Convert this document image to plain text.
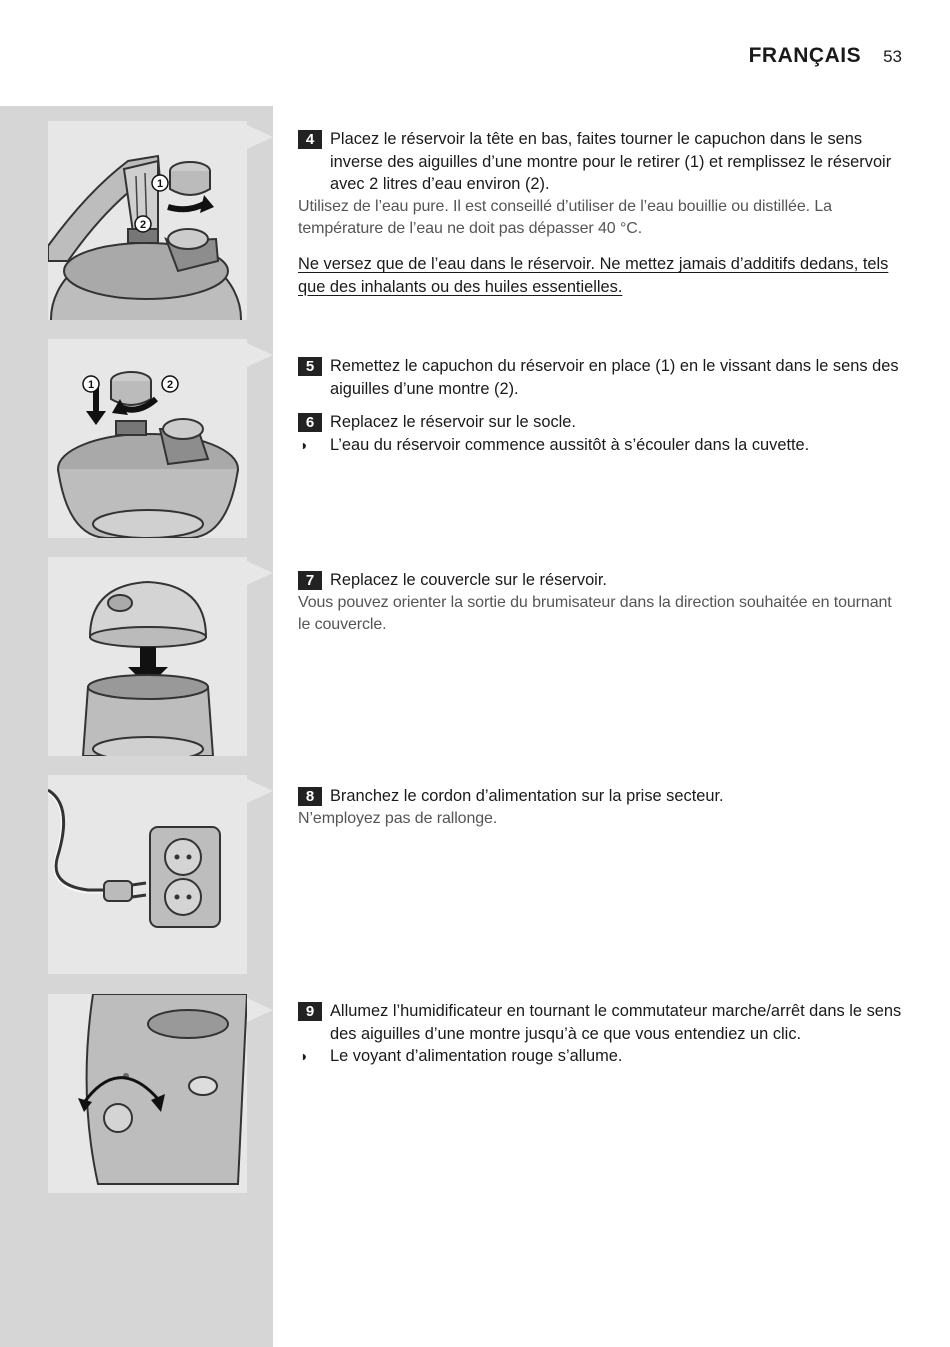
FRANÇAIS 53
1
2
1	2
4 Placez le réservoir la tête en bas, faites tourner le capuchon dans le sens inverse des aiguilles d’une montre pour le retirer (1) et remplissez le réservoir avec 2 litres d’eau environ (2).
Utilisez de l’eau pure. Il est conseillé d’utiliser de l’eau bouillie ou distillée. La température de l’eau ne doit pas dépasser 40 °C.
Ne versez que de l’eau dans le réservoir. Ne mettez jamais d’additifs dedans, tels que des inhalants ou des huiles essentielles.
5 Remettez le capuchon du réservoir en place (1) en le vissant dans le sens des aiguilles d’une montre (2).
6 Replacez le réservoir sur le socle.
◗ L’eau du réservoir commence aussitôt à s’écouler dans la cuvette.
7 Replacez le couvercle sur le réservoir.
Vous pouvez orienter la sortie du brumisateur dans la direction souhaitée en tournant le couvercle.
8 Branchez le cordon d’alimentation sur la prise secteur.
N’employez pas de rallonge.
9 Allumez l’humidificateur en tournant le commutateur marche/arrêt dans le sens des aiguilles d’une montre jusqu’à ce que vous entendiez un clic.
◗ Le voyant d’alimentation rouge s’allume.
